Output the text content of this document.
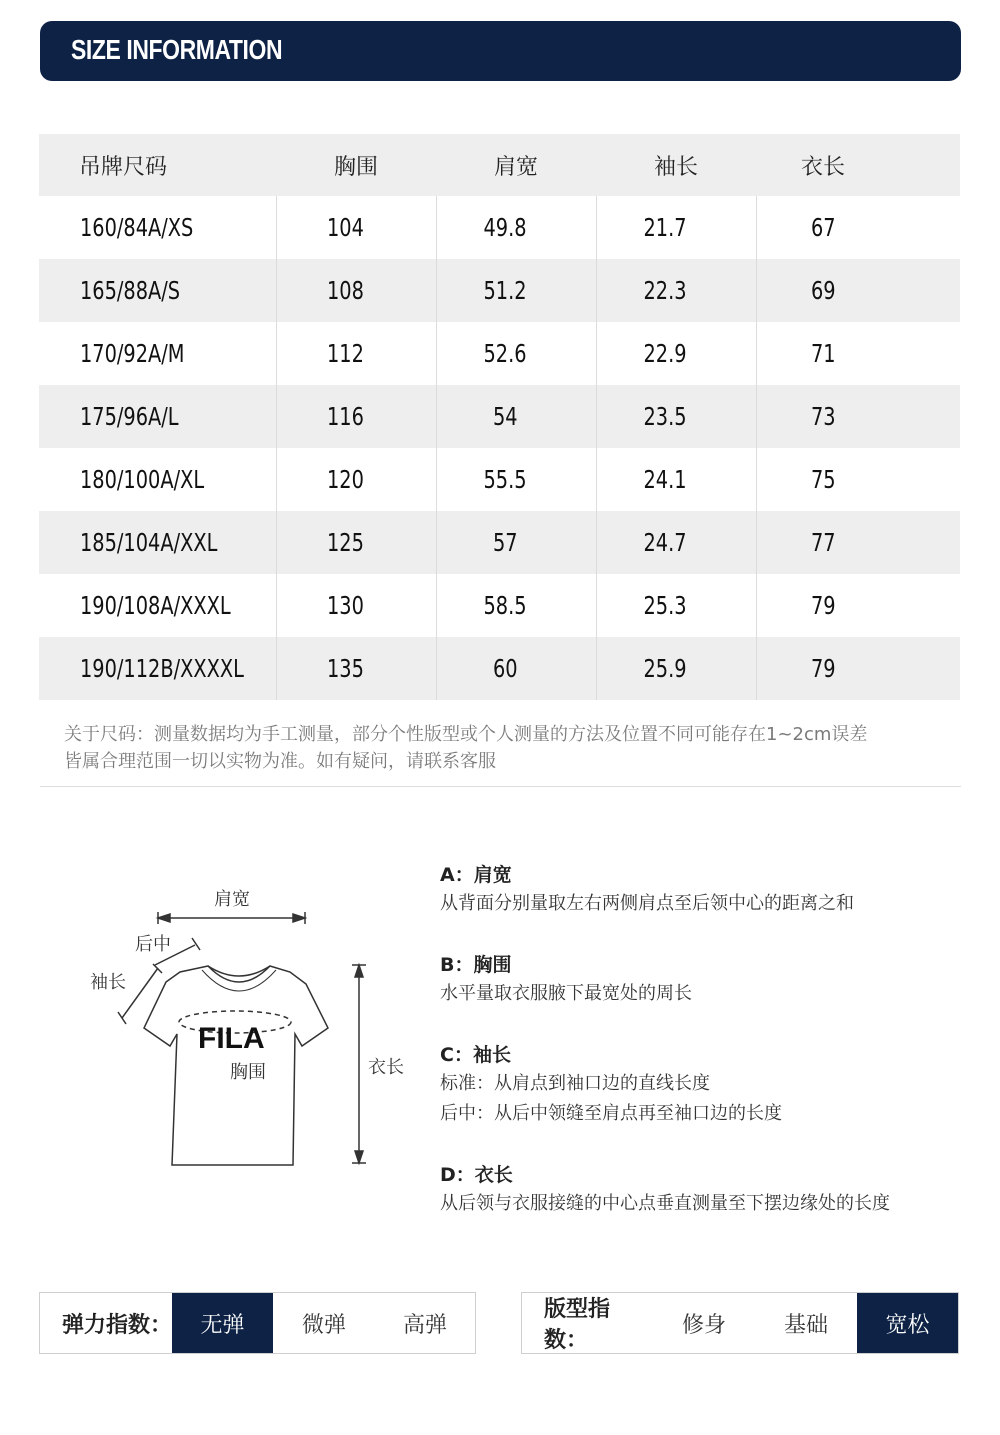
SIZE INFORMATION
吊牌尺码	胸围	肩宽	袖长	衣长
160/84A/XS	104	49.8	21.7	67
165/88A/S	108	51.2	22.3	69
170/92A/M	112	52.6	22.9	71
175/96A/L	116	54	23.5	73
180/100A/XL	120	55.5	24.1	75
185/104A/XXL	125	57	24.7	77
190/108A/XXXL	130	58.5	25.3	79
190/112B/XXXXL	135	60	25.9	79
关于尺码：测量数据均为手工测量，部分个性版型或个人测量的方法及位置不同可能存在1~2cm误差
皆属合理范围一切以实物为准。如有疑问，请联系客服
FILA
肩宽
后中
袖长
胸围	衣长
A：肩宽
从背面分别量取左右两侧肩点至后领中心的距离之和
B：胸围
水平量取衣服腋下最宽处的周长
C：袖长
标准：从肩点到袖口边的直线长度
后中：从后中领缝至肩点再至袖口边的长度
D：衣长
从后领与衣服接缝的中心点垂直测量至下摆边缘处的长度
弹力指数：	无弹	微弹	高弹
版型指数：
修身	基础	宽松
